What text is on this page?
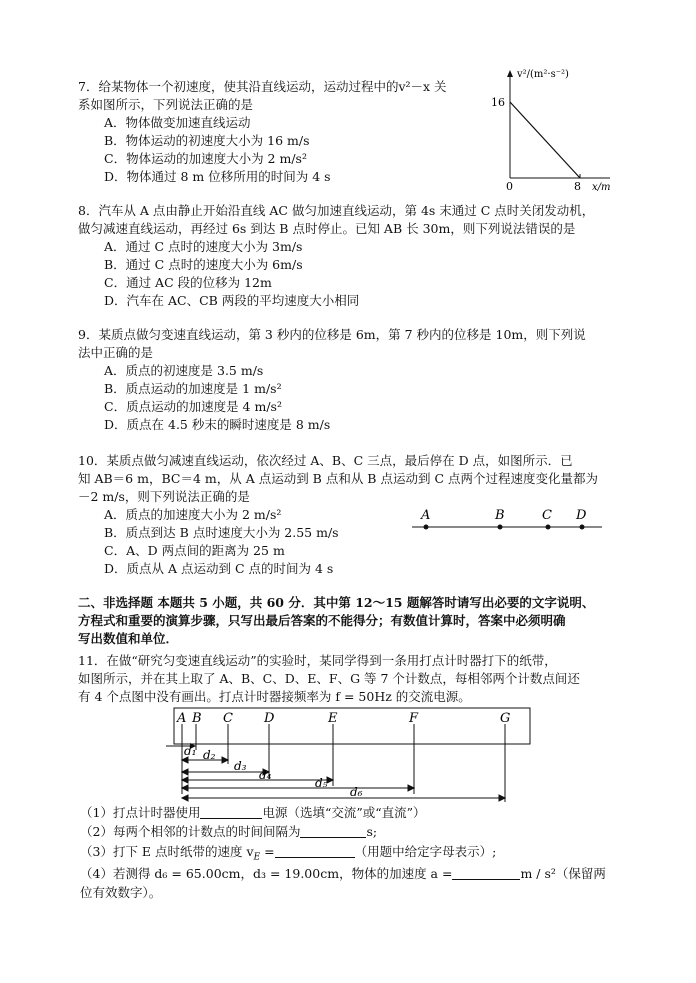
7．给某物体一个初速度，使其沿直线运动，运动过程中的v²－x 关
系如图所示，下列说法正确的是
A．物体做变加速直线运动
B．物体运动的初速度大小为 16 m/s
C．物体运动的加速度大小为 2 m/s²
D．物体通过 8 m 位移所用的时间为 4 s
v²/(m²·s⁻²)
16
0	8 x/m
8．汽车从 A 点由静止开始沿直线 AC 做匀加速直线运动，第 4s 末通过 C 点时关闭发动机，
做匀减速直线运动，再经过 6s 到达 B 点时停止。已知 AB 长 30m，则下列说法错误的是
A．通过 C 点时的速度大小为 3m/s
B．通过 C 点时的速度大小为 6m/s
C．通过 AC 段的位移为 12m
D．汽车在 AC、CB 两段的平均速度大小相同
9．某质点做匀变速直线运动，第 3 秒内的位移是 6m，第 7 秒内的位移是 10m，则下列说
法中正确的是
A．质点的初速度是 3.5 m/s
B．质点运动的加速度是 1 m/s²
C．质点运动的加速度是 4 m/s²
D．质点在 4.5 秒末的瞬时速度是 8 m/s
10．某质点做匀减速直线运动，依次经过 A、B、C 三点，最后停在 D 点，如图所示．已
知 AB＝6 m，BC＝4 m，从 A 点运动到 B 点和从 B 点运动到 C 点两个过程速度变化量都为
－2 m/s，则下列说法正确的是
A．质点的加速度大小为 2 m/s²
B．质点到达 B 点时速度大小为 2.55 m/s
C．A、D 两点间的距离为 25 m
D．质点从 A 点运动到 C 点的时间为 4 s
A	B	C D
二、非选择题 本题共 5 小题，共 60 分．其中第 12～15 题解答时请写出必要的文字说明、
方程式和重要的演算步骤，只写出最后答案的不能得分；有数值计算时，答案中必须明确
写出数值和单位．
11．在做“研究匀变速直线运动”的实验时，某同学得到一条用打点计时器打下的纸带，
如图所示，并在其上取了 A、B、C、D、E、F、G 等 7 个计数点，每相邻两个计数点间还
有 4 个点图中没有画出。打点计时器接频率为 f = 50Hz 的交流电源。
A B C D	E	F	G
d₁ d₂
d₃
d₄
d₅
d₆
（1）打点计时器使用	电源（选填“交流”或“直流”）
（2）每两个相邻的计数点的时间间隔为	s;
（3）打下 E 点时纸带的速度 $v_E$ =	（用题中给定字母表示）;
（4）若测得 d₆ = 65.00cm，d₃ = 19.00cm，物体的加速度 a =	m / s²（保留两
位有效数字）。
